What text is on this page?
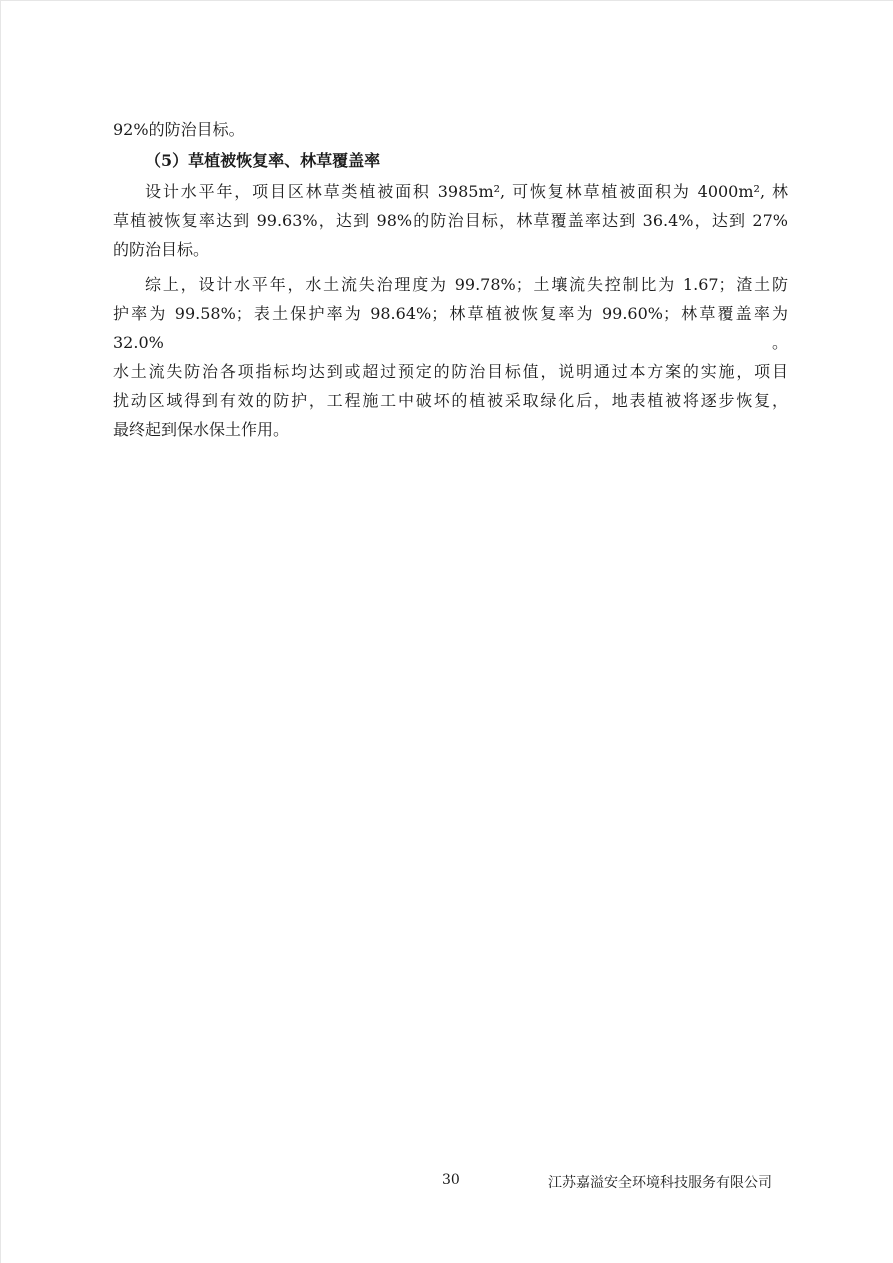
92%的防治目标。
（5）草植被恢复率、林草覆盖率
设计水平年，项目区林草类植被面积 3985m², 可恢复林草植被面积为 4000m², 林
草植被恢复率达到 99.63%，达到 98%的防治目标，林草覆盖率达到 36.4%，达到 27%
的防治目标。
综上，设计水平年，水土流失治理度为 99.78%；土壤流失控制比为 1.67；渣土防
护率为 99.58%；表土保护率为 98.64%；林草植被恢复率为 99.60%；林草覆盖率为 32.0%。
水土流失防治各项指标均达到或超过预定的防治目标值，说明通过本方案的实施，项目
扰动区域得到有效的防护，工程施工中破坏的植被采取绿化后，地表植被将逐步恢复，
最终起到保水保土作用。
30	江苏嘉溢安全环境科技服务有限公司
